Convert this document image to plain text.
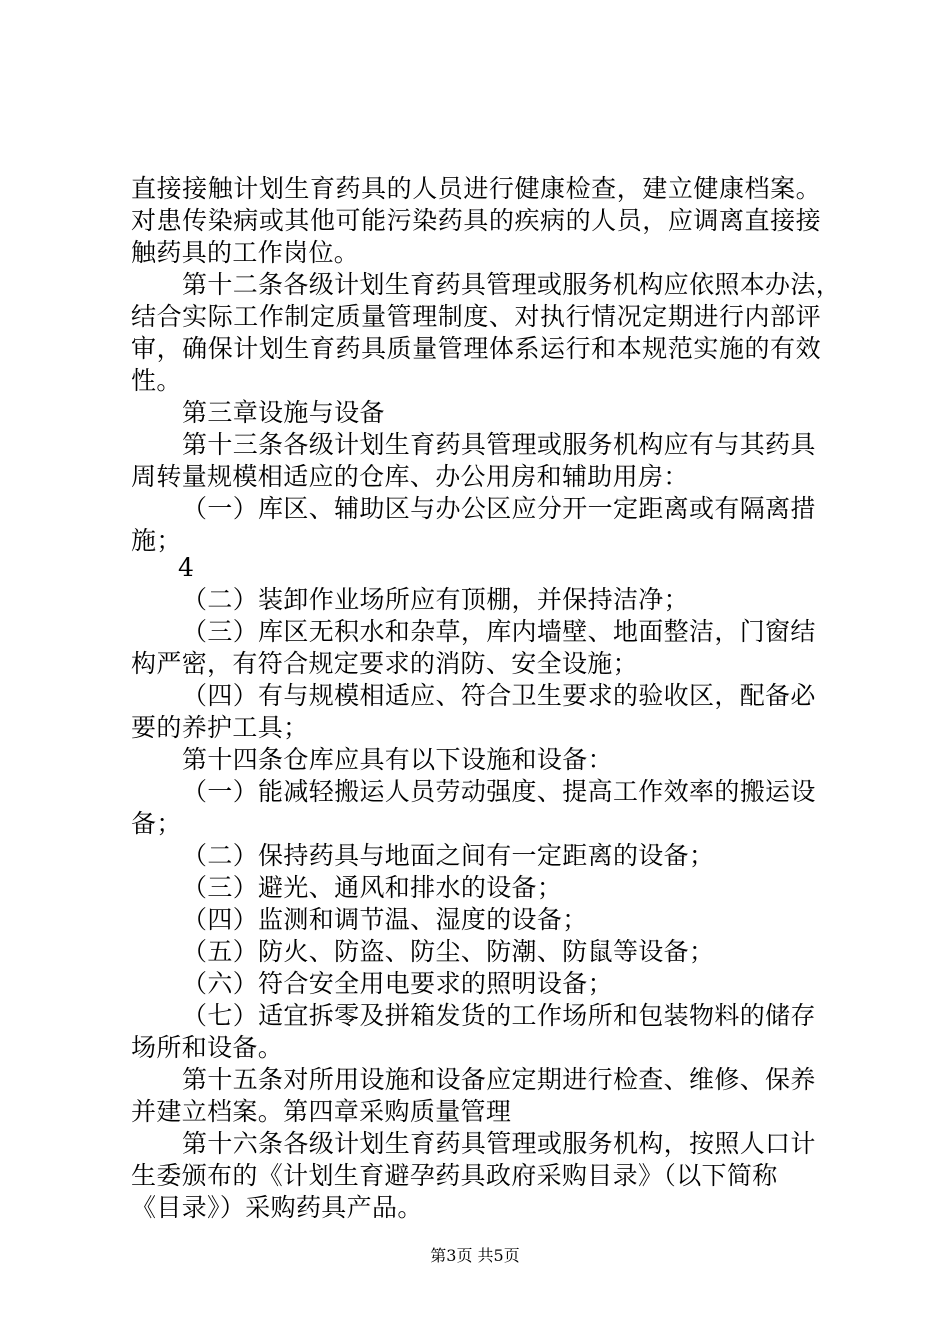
直接接触计划生育药具的人员进行健康检查，建立健康档案。
对患传染病或其他可能污染药具的疾病的人员，应调离直接接
触药具的工作岗位。
第十二条各级计划生育药具管理或服务机构应依照本办法，
结合实际工作制定质量管理制度、对执行情况定期进行内部评
审，确保计划生育药具质量管理体系运行和本规范实施的有效
性。
第三章设施与设备
第十三条各级计划生育药具管理或服务机构应有与其药具
周转量规模相适应的仓库、办公用房和辅助用房：
（一）库区、辅助区与办公区应分开一定距离或有隔离措
施；
4
（二）装卸作业场所应有顶棚，并保持洁净；
（三）库区无积水和杂草，库内墙壁、地面整洁，门窗结
构严密，有符合规定要求的消防、安全设施；
（四）有与规模相适应、符合卫生要求的验收区，配备必
要的养护工具；
第十四条仓库应具有以下设施和设备：
（一）能减轻搬运人员劳动强度、提高工作效率的搬运设
备；
（二）保持药具与地面之间有一定距离的设备；
（三）避光、通风和排水的设备；
（四）监测和调节温、湿度的设备；
（五）防火、防盗、防尘、防潮、防鼠等设备；
（六）符合安全用电要求的照明设备；
（七）适宜拆零及拼箱发货的工作场所和包装物料的储存
场所和设备。
第十五条对所用设施和设备应定期进行检查、维修、保养
并建立档案。第四章采购质量管理
第十六条各级计划生育药具管理或服务机构，按照人口计
生委颁布的《计划生育避孕药具政府采购目录》（以下简称
《目录》）采购药具产品。
第3页 共5页
